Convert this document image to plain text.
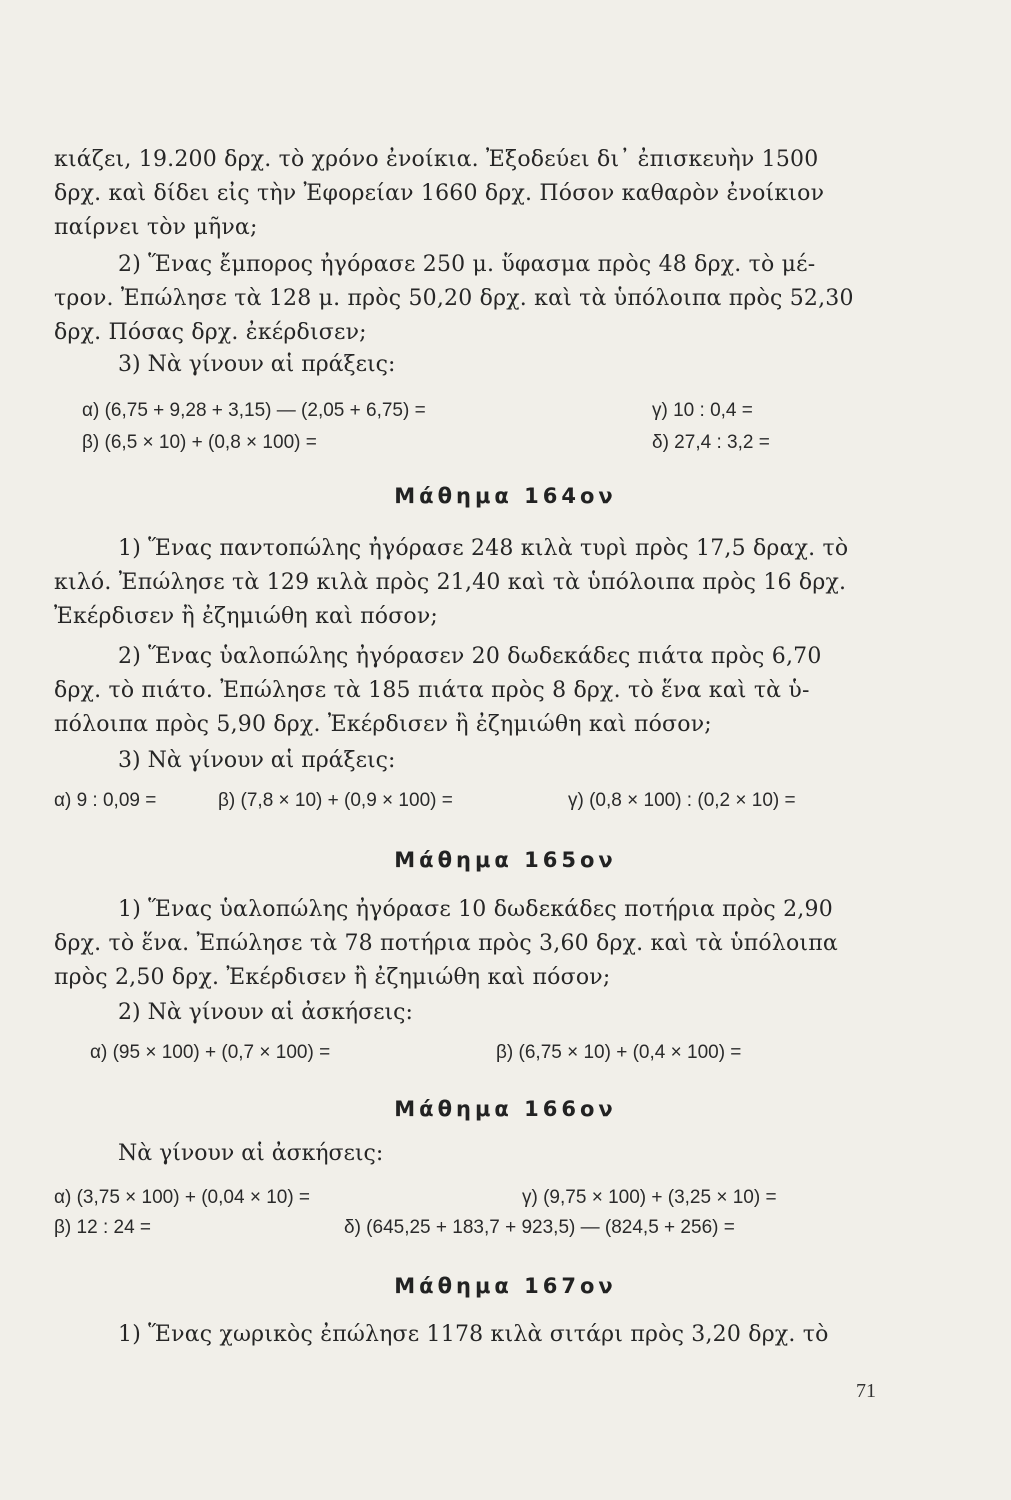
κιάζει, 19.200 δρχ. τὸ χρόνο ἐνοίκια. Ἐξοδεύει δι᾽ ἐπισκευὴν 1500
δρχ. καὶ δίδει εἰς τὴν Ἐφορείαν 1660 δρχ. Πόσον καθαρὸν ἐνοίκιον
παίρνει τὸν μῆνα;
2) Ἕνας ἔμπορος ἠγόρασε 250 μ. ὕφασμα πρὸς 48 δρχ. τὸ μέ-
τρον. Ἐπώλησε τὰ 128 μ. πρὸς 50,20 δρχ. καὶ τὰ ὑπόλοιπα πρὸς 52,30
δρχ. Πόσας δρχ. ἐκέρδισεν;
3) Νὰ γίνουν αἱ πράξεις:
α) (6,75 + 9,28 + 3,15) — (2,05 + 6,75) =	γ) 10 : 0,4 =
β) (6,5 × 10) + (0,8 × 100) =	δ) 27,4 : 3,2 =
Μάθημα 164ον
1) Ἕνας παντοπώλης ἠγόρασε 248 κιλὰ τυρὶ πρὸς 17,5 δραχ. τὸ
κιλό. Ἐπώλησε τὰ 129 κιλὰ πρὸς 21,40 καὶ τὰ ὑπόλοιπα πρὸς 16 δρχ.
Ἐκέρδισεν ἢ ἐζημιώθη καὶ πόσον;
2) Ἕνας ὑαλοπώλης ἠγόρασεν 20 δωδεκάδες πιάτα πρὸς 6,70
δρχ. τὸ πιάτο. Ἐπώλησε τὰ 185 πιάτα πρὸς 8 δρχ. τὸ ἕνα καὶ τὰ ὑ-
πόλοιπα πρὸς 5,90 δρχ. Ἐκέρδισεν ἢ ἐζημιώθη καὶ πόσον;
3) Νὰ γίνουν αἱ πράξεις:
α) 9 : 0,09 =	β) (7,8 × 10) + (0,9 × 100) =	γ) (0,8 × 100) : (0,2 × 10) =
Μάθημα 165ον
1) Ἕνας ὑαλοπώλης ἠγόρασε 10 δωδεκάδες ποτήρια πρὸς 2,90
δρχ. τὸ ἕνα. Ἐπώλησε τὰ 78 ποτήρια πρὸς 3,60 δρχ. καὶ τὰ ὑπόλοιπα
πρὸς 2,50 δρχ. Ἐκέρδισεν ἢ ἐζημιώθη καὶ πόσον;
2) Νὰ γίνουν αἱ ἀσκήσεις:
α) (95 × 100) + (0,7 × 100) =	β) (6,75 × 10) + (0,4 × 100) =
Μάθημα 166ον
Νὰ γίνουν αἱ ἀσκήσεις:
α) (3,75 × 100) + (0,04 × 10) =	γ) (9,75 × 100) + (3,25 × 10) =
β) 12 : 24 =	δ) (645,25 + 183,7 + 923,5) — (824,5 + 256) =
Μάθημα 167ον
1) Ἕνας χωρικὸς ἐπώλησε 1178 κιλὰ σιτάρι πρὸς 3,20 δρχ. τὸ
71
